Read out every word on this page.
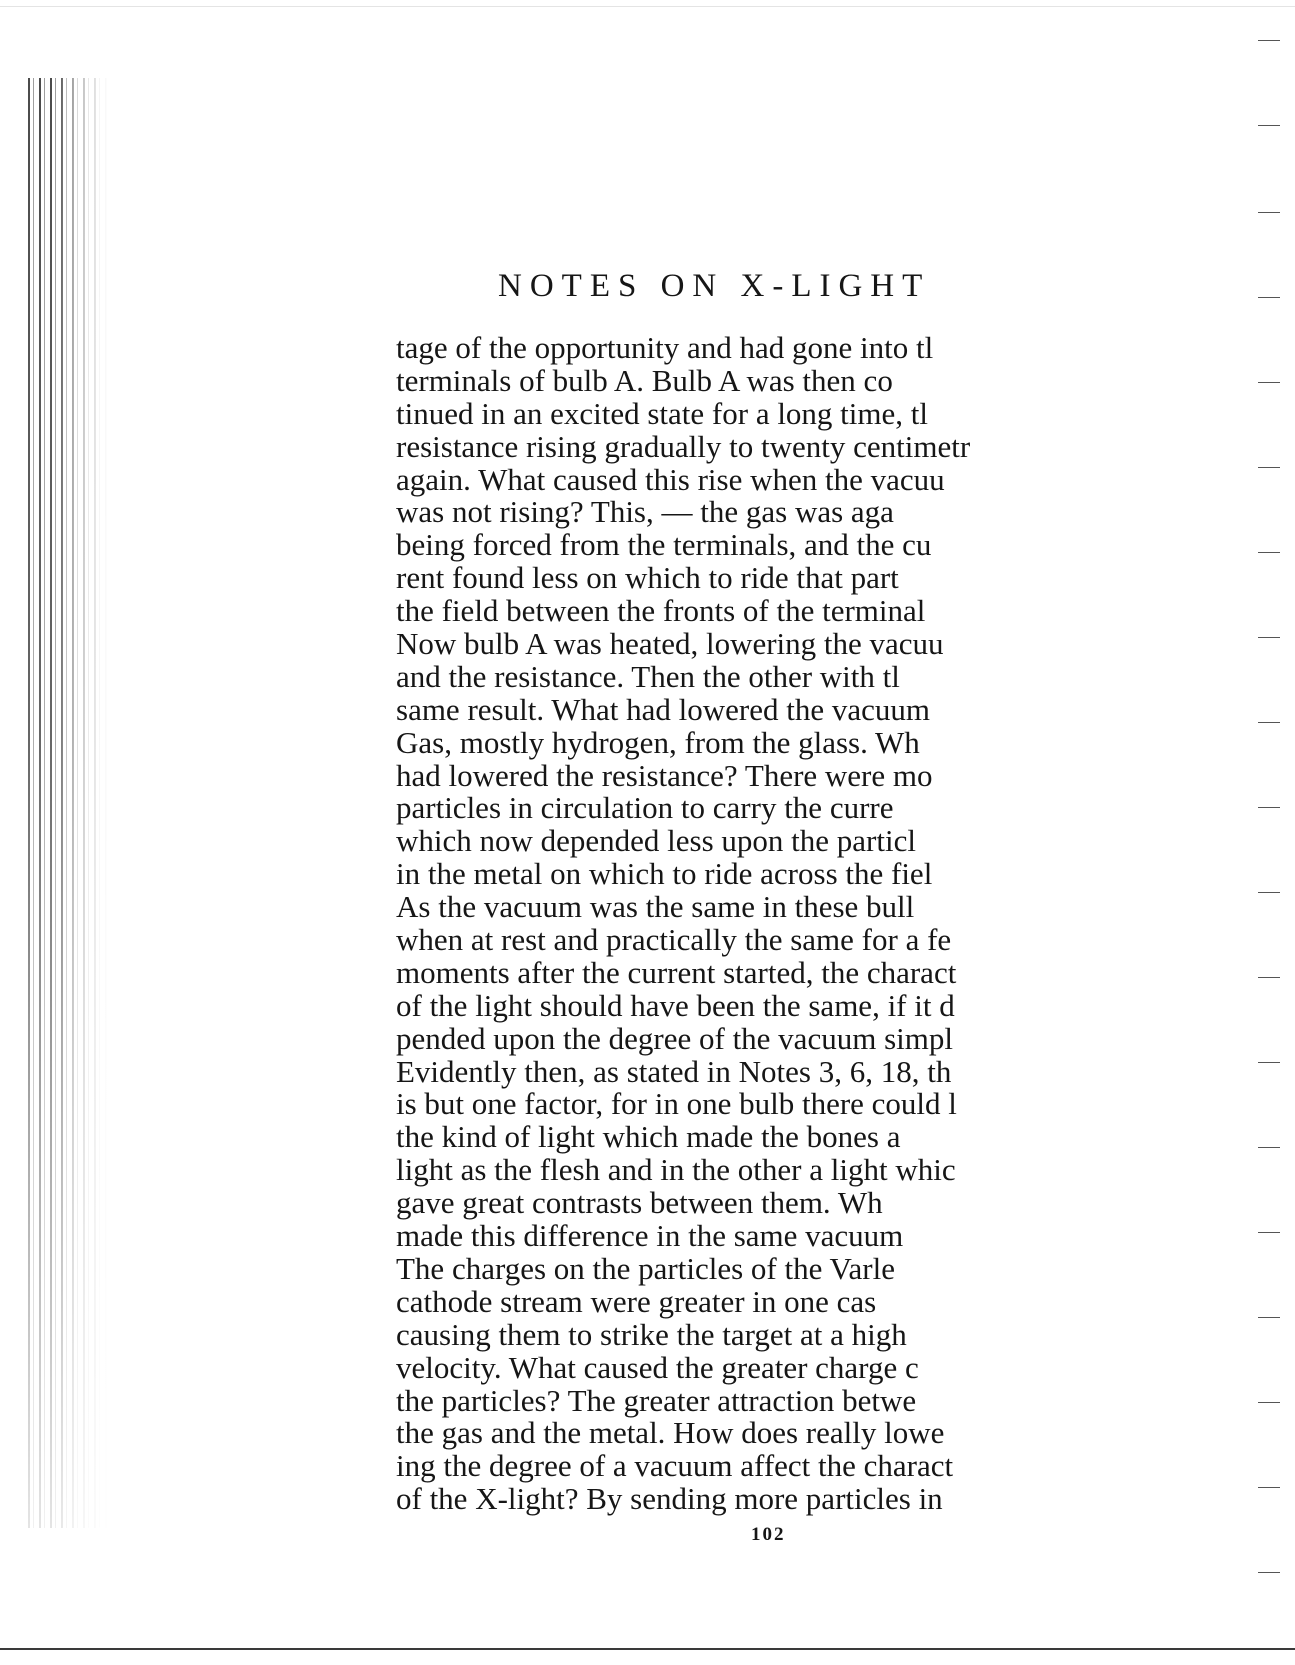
NOTES ON X-LIGHT
tage of the opportunity and had gone into tl
terminals of bulb A. Bulb A was then co
tinued in an excited state for a long time, tl
resistance rising gradually to twenty centimetr
again. What caused this rise when the vacuu
was not rising? This, — the gas was aga
being forced from the terminals, and the cu
rent found less on which to ride that part
the field between the fronts of the terminal
Now bulb A was heated, lowering the vacuu
and the resistance. Then the other with tl
same result. What had lowered the vacuum
Gas, mostly hydrogen, from the glass. Wh
had lowered the resistance? There were mo
particles in circulation to carry the curre
which now depended less upon the particl
in the metal on which to ride across the fiel
As the vacuum was the same in these bull
when at rest and practically the same for a fe
moments after the current started, the charact
of the light should have been the same, if it d
pended upon the degree of the vacuum simpl
Evidently then, as stated in Notes 3, 6, 18, th
is but one factor, for in one bulb there could l
the kind of light which made the bones a
light as the flesh and in the other a light whic
gave great contrasts between them. Wh
made this difference in the same vacuum
The charges on the particles of the Varle
cathode stream were greater in one cas
causing them to strike the target at a high
velocity. What caused the greater charge c
the particles? The greater attraction betwe
the gas and the metal. How does really lowe
ing the degree of a vacuum affect the charact
of the X-light? By sending more particles in
102
